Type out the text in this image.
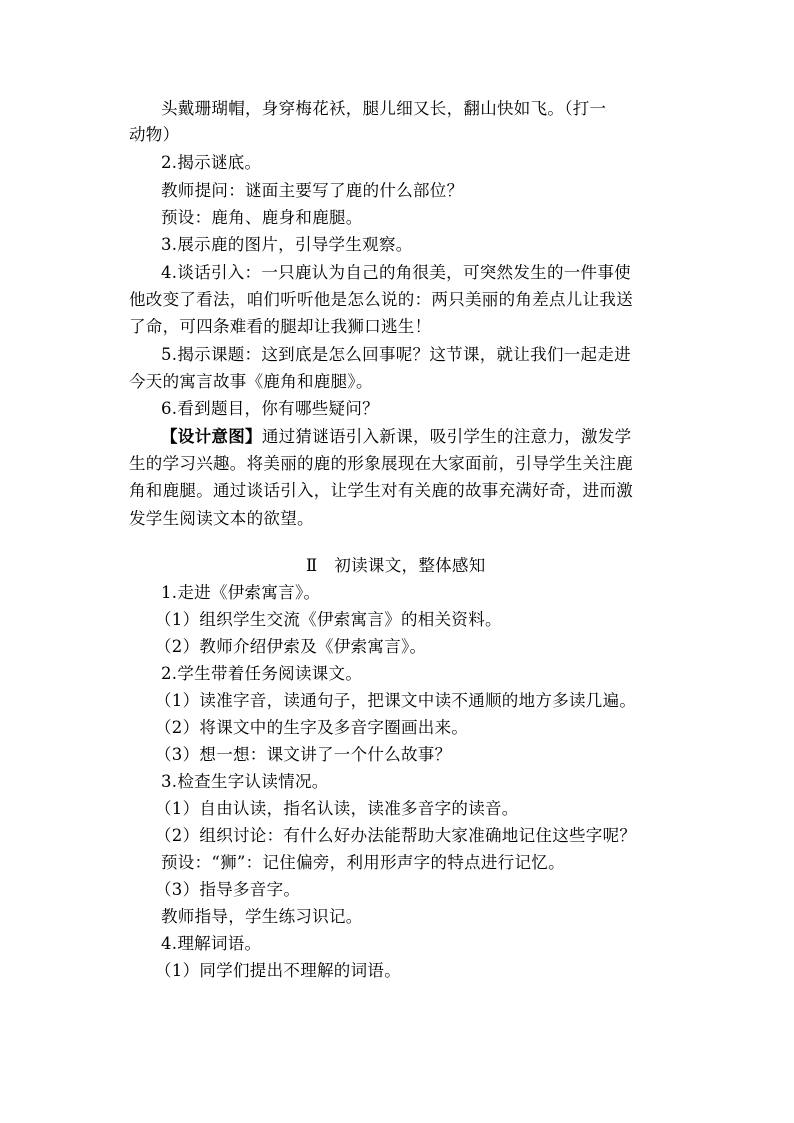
头戴珊瑚帽，身穿梅花袄，腿儿细又长，翻山快如飞。（打一
动物）
2.揭示谜底。
教师提问：谜面主要写了鹿的什么部位？
预设：鹿角、鹿身和鹿腿。
3.展示鹿的图片，引导学生观察。
4.谈话引入：一只鹿认为自己的角很美，可突然发生的一件事使
他改变了看法，咱们听听他是怎么说的：两只美丽的角差点儿让我送
了命，可四条难看的腿却让我狮口逃生！
5.揭示课题：这到底是怎么回事呢？这节课，就让我们一起走进
今天的寓言故事《鹿角和鹿腿》。
6.看到题目，你有哪些疑问？
【设计意图】通过猜谜语引入新课，吸引学生的注意力，激发学
生的学习兴趣。将美丽的鹿的形象展现在大家面前，引导学生关注鹿
角和鹿腿。通过谈话引入，让学生对有关鹿的故事充满好奇，进而激
发学生阅读文本的欲望。
Ⅱ　初读课文，整体感知
1.走进《伊索寓言》。
（1）组织学生交流《伊索寓言》的相关资料。
（2）教师介绍伊索及《伊索寓言》。
2.学生带着任务阅读课文。
（1）读准字音，读通句子，把课文中读不通顺的地方多读几遍。
（2）将课文中的生字及多音字圈画出来。
（3）想一想：课文讲了一个什么故事？
3.检查生字认读情况。
（1）自由认读，指名认读，读准多音字的读音。
（2）组织讨论：有什么好办法能帮助大家准确地记住这些字呢？
预设：“狮”：记住偏旁，利用形声字的特点进行记忆。
（3）指导多音字。
教师指导，学生练习识记。
4.理解词语。
（1）同学们提出不理解的词语。
